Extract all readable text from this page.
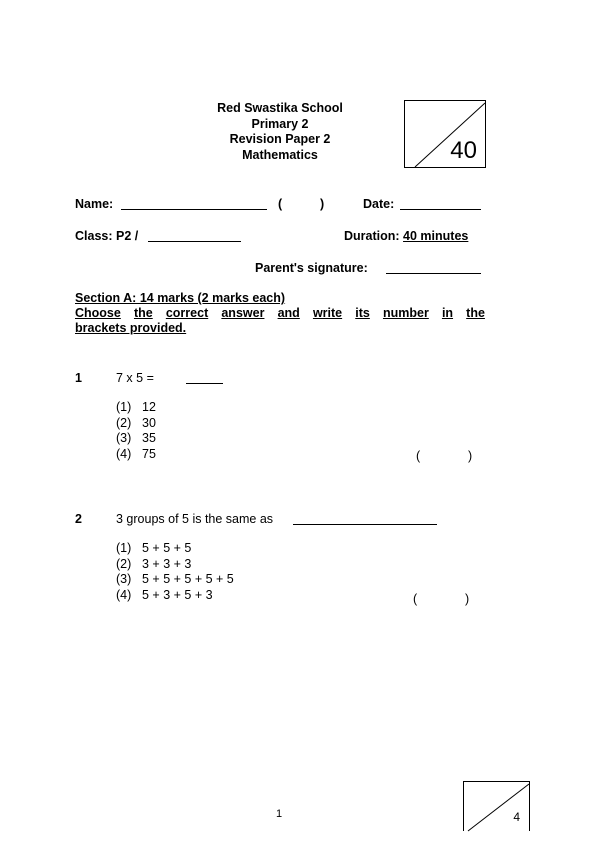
Red Swastika School
Primary 2
Revision Paper 2
Mathematics	40
Name:	(	)	Date:
Class: P2 /	Duration: 40 minutes
Parent's signature:
Section A: 14 marks (2 marks each)
Choose the correct answer and write its number in the
brackets provided.
1	7 x 5 =
(1) 12
(2) 30
(3) 35
(4) 75	(	)
2	3 groups of 5 is the same as
(1) 5 + 5 + 5
(2) 3 + 3 + 3
(3) 5 + 5 + 5 + 5 + 5
(4) 5 + 3 + 5 + 3	(	)
1	4
